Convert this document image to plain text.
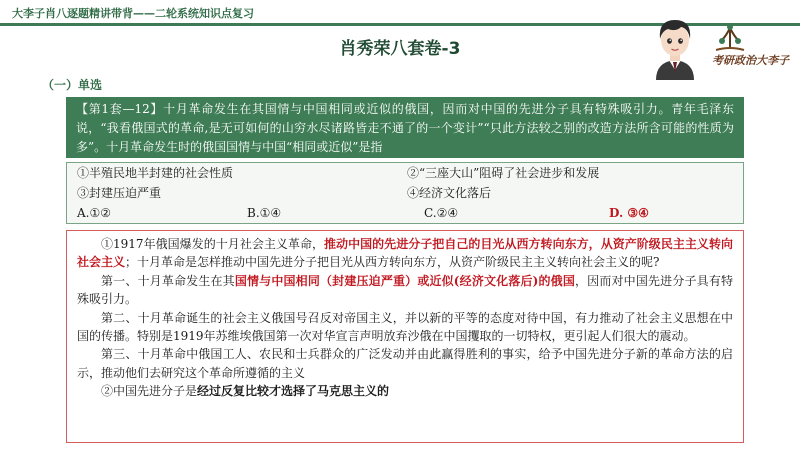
大李子肖八逐题精讲带背——二轮系统知识点复习
肖秀荣八套卷-3
考研政治大李子
（一）单选
【第1套—12】十月革命发生在其国情与中国相同或近似的俄国，因而对中国的先进分子具有特殊吸引力。青年毛泽东说，“我看俄国式的革命,是无可如何的山穷水尽诸路皆走不通了的一个变计”“只此方法较之别的改造方法所含可能的性质为多”。十月革命发生时的俄国国情与中国“相同或近似”是指
①半殖民地半封建的社会性质	②“三座大山”阻碍了社会进步和发展
③封建压迫严重	④经济文化落后
A.①②	B.①④	C.②④	D. ③④

①1917年俄国爆发的十月社会主义革命，推动中国的先进分子把自己的目光从西方转向东方，从资产阶级民主主义转向社会主义；十月革命是怎样推动中国先进分子把目光从西方转向东方，从资产阶级民主主义转向社会主义的呢?

第一、十月革命发生在其国情与中国相同（封建压迫严重）或近似(经济文化落后)的俄国，因而对中国先进分子具有特殊吸引力。

第二、十月革命诞生的社会主义俄国号召反对帝国主义，并以新的平等的态度对待中国，有力推动了社会主义思想在中国的传播。特别是1919年苏维埃俄国第一次对华宣言声明放弃沙俄在中国攫取的一切特权，更引起人们很大的震动。

第三、十月革命中俄国工人、农民和士兵群众的广泛发动并由此赢得胜利的事实，给予中国先进分子新的革命方法的启示，推动他们去研究这个革命所遵循的主义

②中国先进分子是经过反复比较才选择了马克思主义的
